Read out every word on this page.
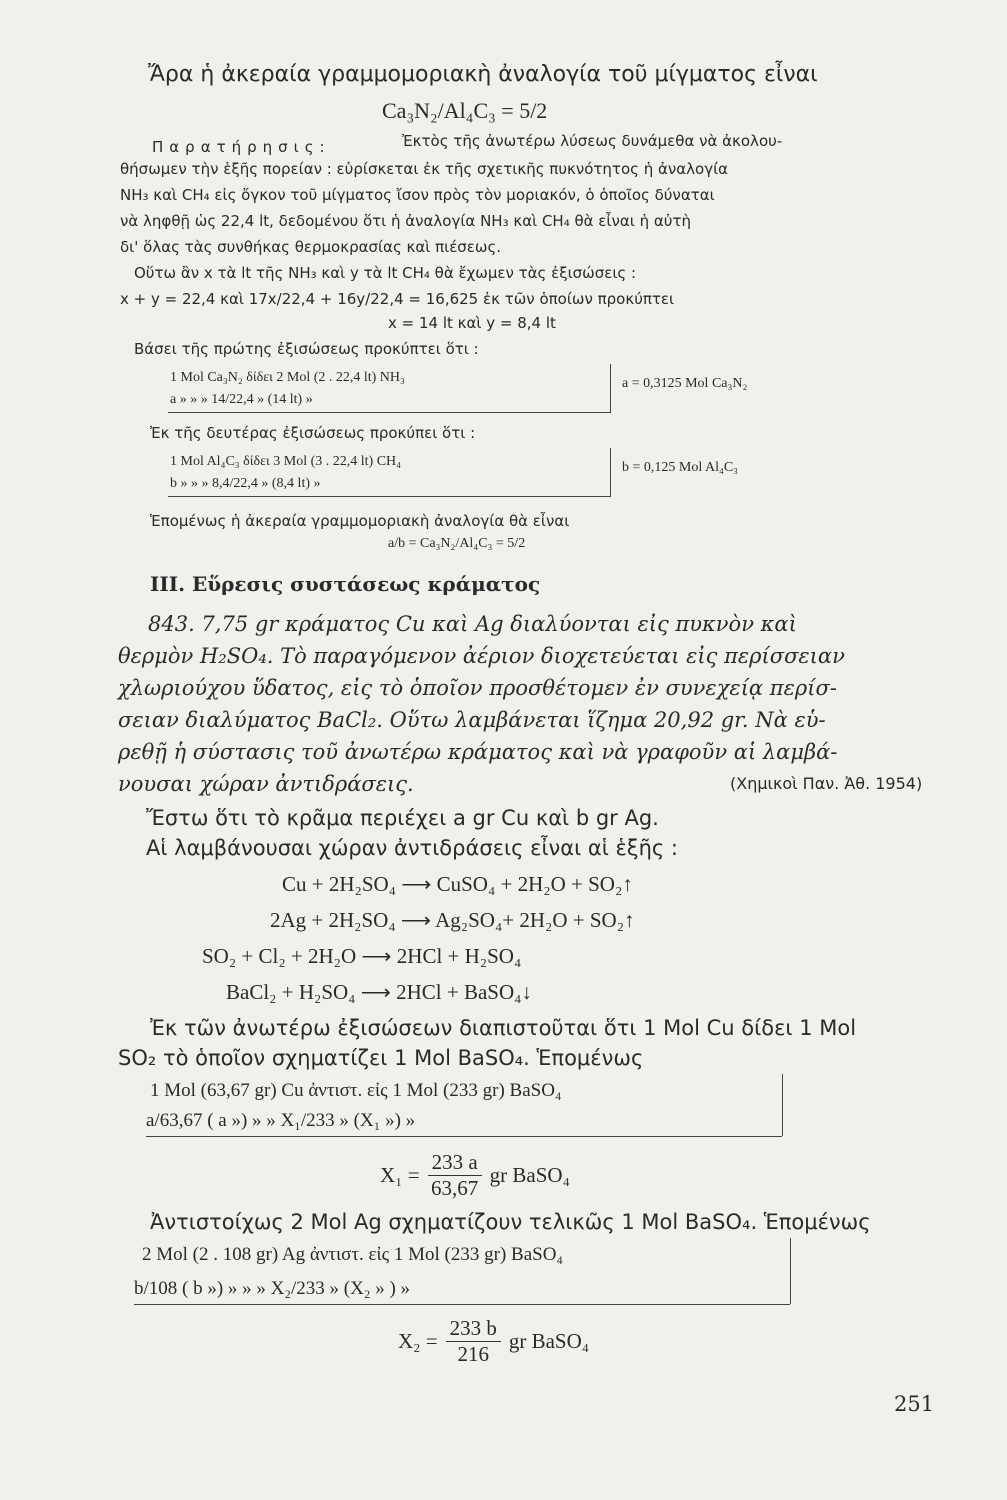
Ἄρα ἡ ἀκεραία γραμμομοριακὴ ἀναλογία τοῦ μίγματος εἶναι
Ca₃N₂/Al₄C₃ = 5/2
Παρατήρησις:	Ἐκτὸς τῆς ἀνωτέρω λύσεως δυνάμεθα νὰ ἀκολου-
θήσωμεν τὴν ἑξῆς πορείαν : εὑρίσκεται ἐκ τῆς σχετικῆς πυκνότητος ἡ ἀναλογία
NH₃ καὶ CH₄ εἰς ὄγκον τοῦ μίγματος ἴσον πρὸς τὸν μοριακόν, ὁ ὁποῖος δύναται
νὰ ληφθῇ ὡς 22,4 lt, δεδομένου ὅτι ἡ ἀναλογία NH₃ καὶ CH₄ θὰ εἶναι ἡ αὐτὴ
δι' ὅλας τὰς συνθήκας θερμοκρασίας καὶ πιέσεως.
Οὕτω ἂν x τὰ lt τῆς NH₃ καὶ y τὰ lt CH₄ θὰ ἔχωμεν τὰς ἐξισώσεις :
x + y = 22,4 καὶ 17x/22,4 + 16y/22,4 = 16,625 ἐκ τῶν ὁποίων προκύπτει
x = 14 lt καὶ y = 8,4 lt
Βάσει τῆς πρώτης ἐξισώσεως προκύπτει ὅτι :
1 Mol Ca₃N₂ δίδει 2 Mol (2 . 22,4 lt) NH₃
a » » » 14/22,4 » (14 lt) »
a = 0,3125 Mol Ca₃N₂
Ἐκ τῆς δευτέρας ἐξισώσεως προκύπει ὅτι :
1 Mol Al₄C₃ δίδει 3 Mol (3 . 22,4 lt) CH₄
b » » » 8,4/22,4 » (8,4 lt) »
b = 0,125 Mol Al₄C₃
Ἑπομένως ἡ ἀκεραία γραμμομοριακὴ ἀναλογία θὰ εἶναι
a/b = Ca₃N₂/Al₄C₃ = 5/2
III. Εὕρεσις συστάσεως κράματος
843. 7,75 gr κράματος Cu καὶ Ag διαλύονται εἰς πυκνὸν καὶ
θερμὸν H₂SO₄. Τὸ παραγόμενον ἀέριον διοχετεύεται εἰς περίσσειαν
χλωριούχου ὕδατος, εἰς τὸ ὁποῖον προσθέτομεν ἐν συνεχείᾳ περίσ-
σειαν διαλύματος BaCl₂. Οὕτω λαμβάνεται ἵζημα 20,92 gr. Νὰ εὑ-
ρεθῇ ἡ σύστασις τοῦ ἀνωτέρω κράματος καὶ νὰ γραφοῦν αἱ λαμβά-
νουσαι χώραν ἀντιδράσεις.	(Χημικοὶ Παν. Ἀθ. 1954)
Ἔστω ὅτι τὸ κρᾶμα περιέχει a gr Cu καὶ b gr Ag.
Αἱ λαμβάνουσαι χώραν ἀντιδράσεις εἶναι αἱ ἑξῆς :
Cu + 2H₂SO₄ ⟶ CuSO₄ + 2H₂O + SO₂↑
2Ag + 2H₂SO₄ ⟶ Ag₂SO₄+ 2H₂O + SO₂↑
SO₂ + Cl₂ + 2H₂O ⟶ 2HCl + H₂SO₄
BaCl₂ + H₂SO₄ ⟶ 2HCl + BaSO₄↓
Ἐκ τῶν ἀνωτέρω ἐξισώσεων διαπιστοῦται ὅτι 1 Mol Cu δίδει 1 Mol
SO₂ τὸ ὁποῖον σχηματίζει 1 Mol BaSO₄. Ἑπομένως
1 Mol (63,67 gr) Cu ἀντιστ. εἰς 1 Mol (233 gr) BaSO₄
a/63,67 ( a ») » » X₁/233 » (X₁ ») »
$X_1 = \frac{233 a}{63,67}$ gr BaSO₄
Ἀντιστοίχως 2 Mol Ag σχηματίζουν τελικῶς 1 Mol BaSO₄. Ἑπομένως
2 Mol (2 . 108 gr) Ag ἀντιστ. εἰς 1 Mol (233 gr) BaSO₄
b/108 ( b ») » » » X₂/233 » (X₂ » ) »
$X_2 = \frac{233 b}{216}$ gr BaSO₄
251
